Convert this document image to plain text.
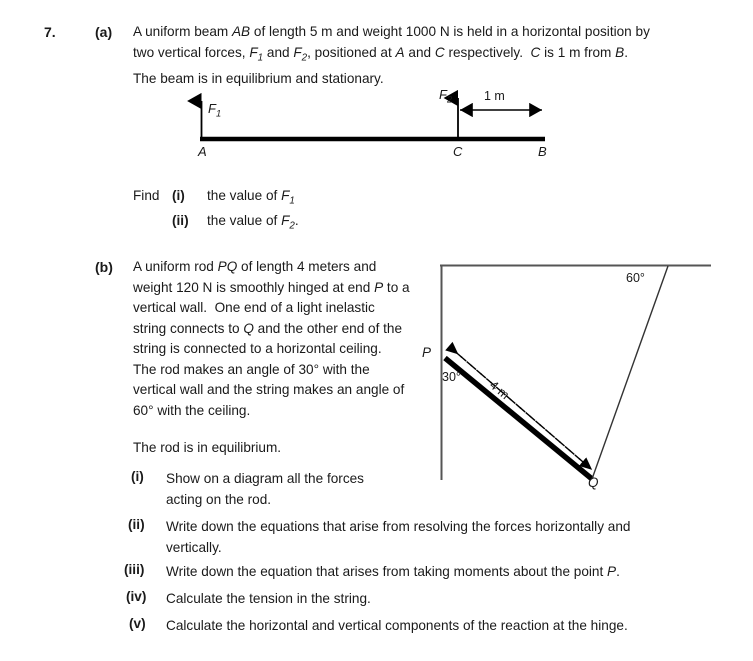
7.	(a) A uniform beam AB of length 5 m and weight 1000 N is held in a horizontal position by
two vertical forces, $F_1$ and $F_2$, positioned at A and C respectively.  C is 1 m from B.
The beam is in equilibrium and stationary.
$F_1$
$F_2$	1 m
A	C	B
Find (i) the value of $F_1$
(ii) the value of $F_2$.
(b) A uniform rod PQ of length 4 meters and weight 120 N is smoothly hinged at end P to a vertical wall.  One end of a light inelastic string connects to Q and the other end of the string is connected to a horizontal ceiling.  The rod makes an angle of 30° with the vertical wall and the string makes an angle of 60° with the ceiling.
The rod is in equilibrium.
P
Q
30°
60°
4 m
(i)	Show on a diagram all the forces
acting on the rod.
(ii)	Write down the equations that arise from resolving the forces horizontally and
vertically.
(iii)	Write down the equation that arises from taking moments about the point P.
(iv)	Calculate the tension in the string.
(v)	Calculate the horizontal and vertical components of the reaction at the hinge.
